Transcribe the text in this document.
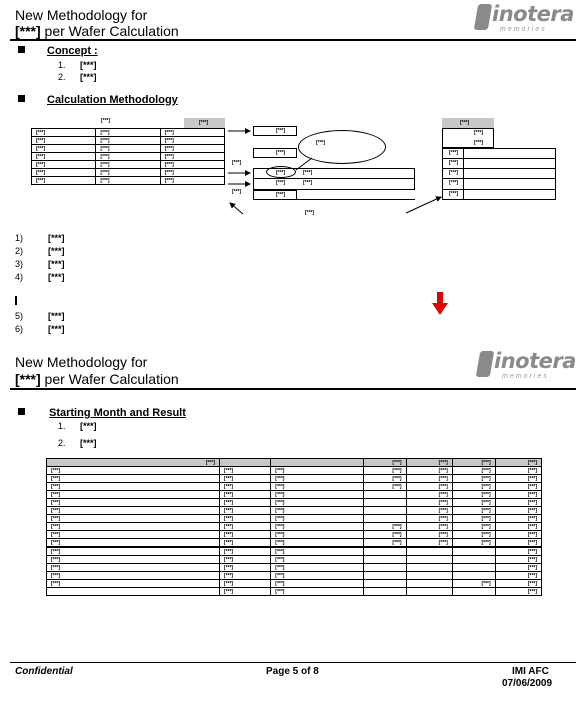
New Methodology for
[***] per Wafer Calculation
inotera
memories
Concept :
1. [***]
2. [***]
Calculation Methodology
[***]	[***]
[***]	[***]	[***]
[***]	[***]	[***]
[***]	[***]	[***]
[***]	[***]	[***]
[***]	[***]	[***]
[***]	[***]	[***]
[***]	[***]	[***]
[***]
[***]
[***]
[***]
[***]	[***]
[***]	[***]
[***]
[***]
[***]
[***]
[***]
[***]
[***]
[***]
[***]
[***]
[***]
1)	[***]
2)	[***]
3)	[***]
4)	[***]
5)	[***]
6)	[***]
New Methodology for
[***] per Wafer Calculation
inotera
memories
Starting Month and Result
1. [***]
2. [***]
[***]			[***]	[***]	[***]	[***]
[***]	[***]	[***]	[***]	[***]	[***]	[***]
[***]	[***]	[***]	[***]	[***]	[***]	[***]
[***]	[***]	[***]	[***]	[***]	[***]	[***]
[***]	[***]	[***]		[***]	[***]	[***]
[***]	[***]	[***]		[***]	[***]	[***]
[***]	[***]	[***]		[***]	[***]	[***]
[***]	[***]	[***]		[***]	[***]	[***]
[***]	[***]	[***]	[***]	[***]	[***]	[***]
[***]	[***]	[***]	[***]	[***]	[***]	[***]
[***]	[***]	[***]	[***]	[***]	[***]	[***]
[***]	[***]	[***]				[***]
[***]	[***]	[***]				[***]
[***]	[***]	[***]				[***]
[***]	[***]	[***]				[***]
[***]	[***]	[***]			[***]	[***]
	[***]	[***]				[***]
Confidential	Page 5 of 8	IMI AFC
07/06/2009
